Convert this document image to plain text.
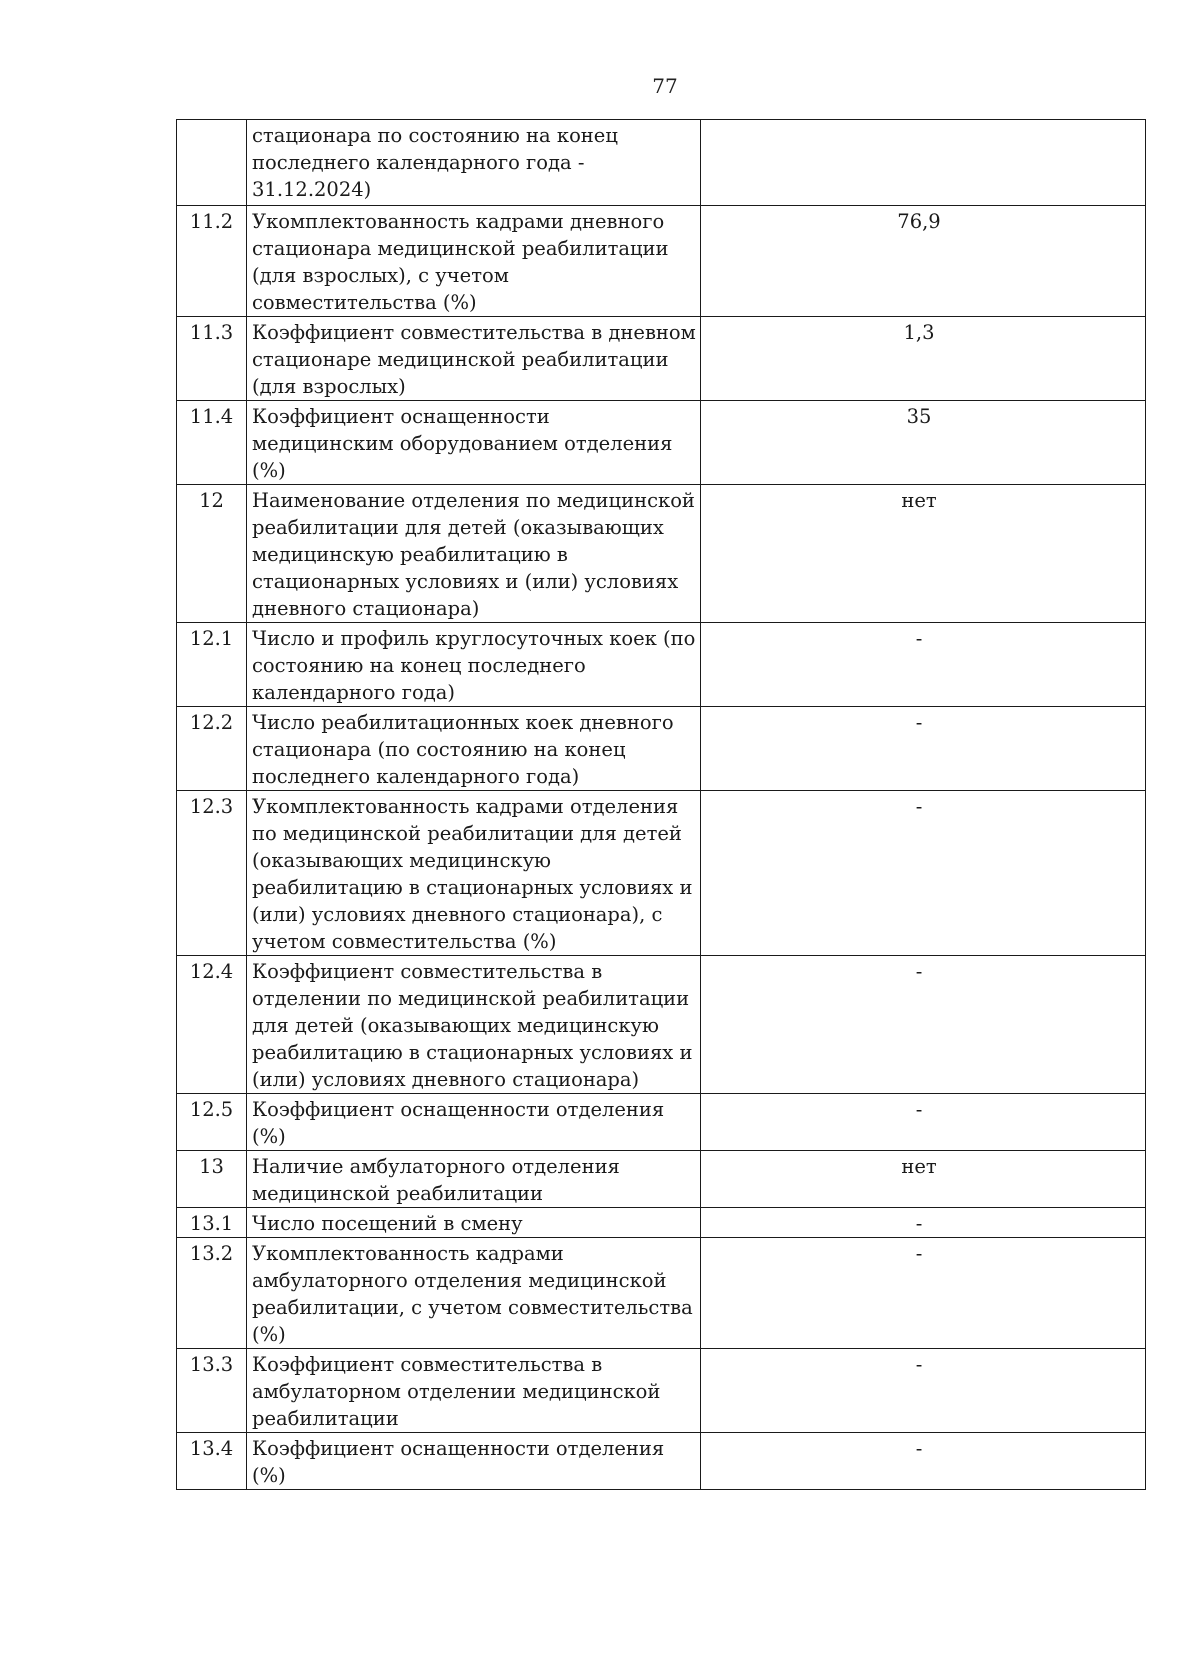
77
	стационара по состоянию на конец последнего календарного года - 31.12.2024)	
11.2	Укомплектованность кадрами дневного стационара медицинской реабилитации (для взрослых), с учетом совместительства (%)	76,9
11.3	Коэффициент совместительства в дневном стационаре медицинской реабилитации (для взрослых)	1,3
11.4	Коэффициент оснащенности медицинским оборудованием отделения (%)	35
12	Наименование отделения по медицинской реабилитации для детей (оказывающих медицинскую реабилитацию в стационарных условиях и (или) условиях дневного стационара)	нет
12.1	Число и профиль круглосуточных коек (по состоянию на конец последнего календарного года)	-
12.2	Число реабилитационных коек дневного стационара (по состоянию на конец последнего календарного года)	-
12.3	Укомплектованность кадрами отделения по медицинской реабилитации для детей (оказывающих медицинскую реабилитацию в стационарных условиях и (или) условиях дневного стационара), с учетом совместительства (%)	-
12.4	Коэффициент совместительства в отделении по медицинской реабилитации для детей (оказывающих медицинскую реабилитацию в стационарных условиях и (или) условиях дневного стационара)	-
12.5	Коэффициент оснащенности отделения (%)	-
13	Наличие амбулаторного отделения медицинской реабилитации	нет
13.1	Число посещений в смену	-
13.2	Укомплектованность кадрами амбулаторного отделения медицинской реабилитации, с учетом совместительства (%)	-
13.3	Коэффициент совместительства в амбулаторном отделении медицинской реабилитации	-
13.4	Коэффициент оснащенности отделения (%)	-
